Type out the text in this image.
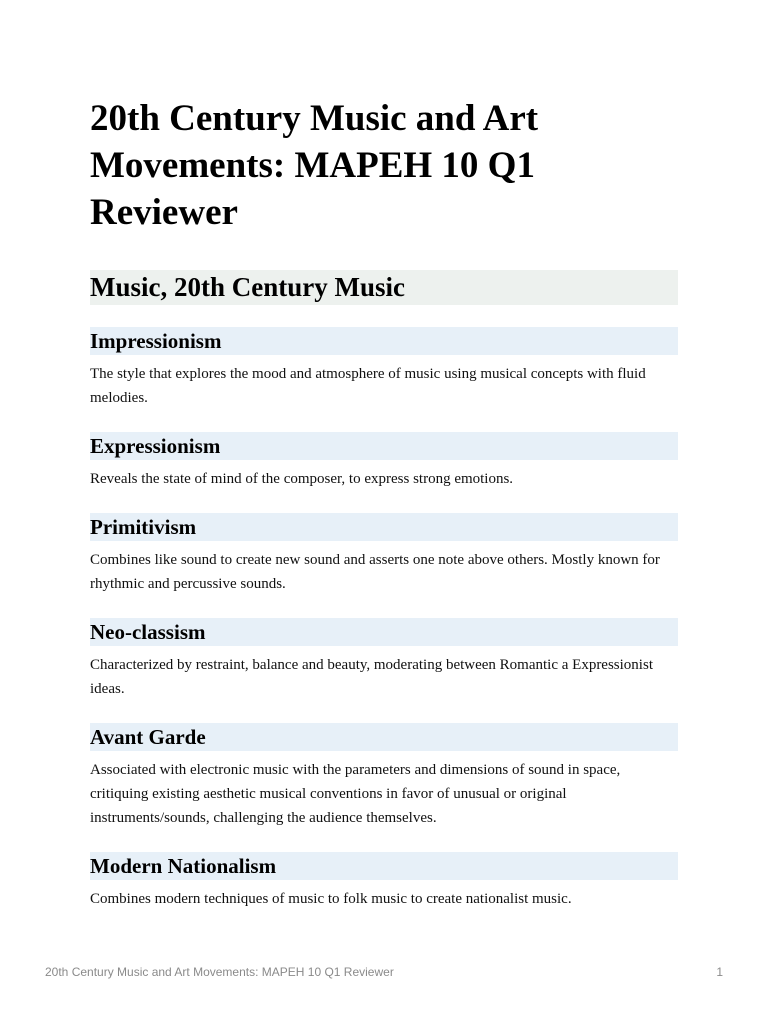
20th Century Music and Art Movements: MAPEH 10 Q1 Reviewer
Music, 20th Century Music
Impressionism

The style that explores the mood and atmosphere of music using musical concepts with fluid melodies.

Expressionism

Reveals the state of mind of the composer, to express strong emotions.

Primitivism

Combines like sound to create new sound and asserts one note above others. Mostly known for rhythmic and percussive sounds.

Neo-classism

Characterized by restraint, balance and beauty, moderating between Romantic a Expressionist ideas.

Avant Garde

Associated with electronic music with the parameters and dimensions of sound in space, critiquing existing aesthetic musical conventions in favor of unusual or original instruments/sounds, challenging the audience themselves.

Modern Nationalism

Combines modern techniques of music to folk music to create nationalist music.

20th Century Music and Art Movements: MAPEH 10 Q1 Reviewer	1
